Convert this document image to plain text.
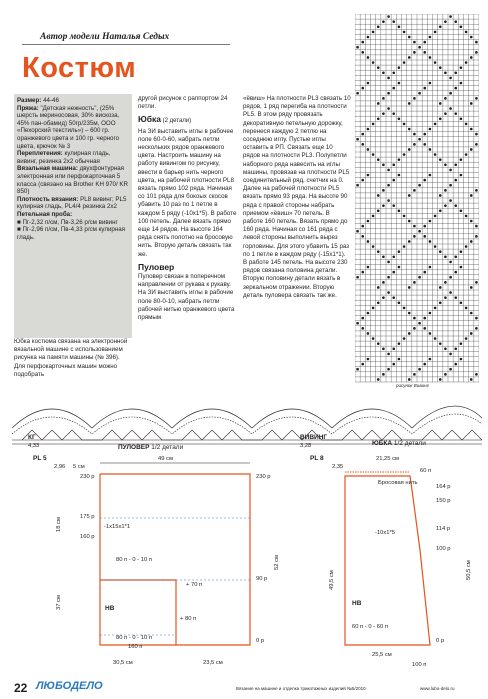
Автор модели Наталья Седых
Костюм
Размер: 44-46
Пряжа: "Детская нежность", (25% шерсть мериносовая, 30% вискоза, 45% пан-обамид) 50гр/235м, ООО «Пехорский текстиль») – 600 гр. оранжевого цвета и 100 гр. черного цвета, крючок № 3
Переплетения: кулирная гладь, вивинг, резинка 2x2 обычная
Вязальная машина: двухфонтурная электронная или перфокарточная 5 класса (связано на Brother KH 970/ KR 850)
Плотность вязания: PL8 вивинг; PL5 кулирная гладь, PL4/4 резинка 2x2
Петельная проба:
■ Пг-2,32 п/см, Пв-3,26 р/см вивинг
■ Пг-2,96 п/см, Пв-4,33 р/см кулирная гладь.
Юбка костюма связана на электронной вязальной машине с использованием рисунка на памяти машины (№ 396). Для перфокарточных машин можно подобрать
другой рисунок с раппортом 24 петли.
Юбка (2 детали)
На ЗИ выставить иглы в рабочее поле 60-0-60, набрать петли нескольких рядов оранжевого цвета. Настроить машину на работу вивингом по рисунку, ввести в барьер нить черного цвета, на рабочей плотности PL8 вязать прямо 102 ряда. Начиная со 101 ряда для бокоых скосов убавить 10 раз по 1 петле в каждом 5 ряду (-10x1*5). В работе 100 петель. Далее вязать прямо еще 14 рядов. На высоте 164 ряда снять полотно на бросовую нить. Вторую деталь связать так же.
Пуловер
Пуловер связан в поперечном направлении от рукава к рукаву. На ЗИ выставить иглы в рабочие поле 80-0-10, набрать петли рабочей нитью оранжевого цвета прямым
«ёвиш» На плотности PL3 связать 10 рядов, 1 ряд перегиба на плотности PL5. В этом ряду провязать декоративную петельную дорожку, перенеся каждую 2 петлю на соседнюю иглу. Пустые иглы оставить в PП. Связать еще 10 рядов на плотности PL3. Полупетли наборного ряда навесить на иглы машины, провязав на плотности PL5 соединительный ряд, счетчик на 0. Далее на рабочей плотности PL5 вязать прямо 93 ряда. На высоте 90 ряда с правой стороны набрать приемом «ёвиш» 70 петель. В работе 160 петель. Вязать прямо до 160 ряда. Начиная со 161 ряда с левой стороны выполнить вырез горловины. Для этого убавить 15 раз по 1 петле в каждом ряду (-15x1*1). В работе 145 петель. На высоте 230 рядов связана половина детали. Вторую половину детали вязать в зеркальном отражении. Вторую деталь пуловера связать так же.
рисунок Вивинг
КГ
4,33
PL 5
2,96
ПУЛОВЕР 1/2 детали
49 см
5 см
230 р	230 р
175 р
160 р
90 р
0 р
-1x15x1*1
80 п - 0 - 10 п
+ 70 п
+ 80 п
80 п - 0 - 10 п
160 п
НВ
30,5 см	23,5 см
37 см
18 см
52 см
ВИВИНГ
3,28
PL 8
2,35
ЮБКА 1/2 детали
21,25 см
Бросовая нить
164 р
150 р
114 р
100 р
0 р
-10x1*5
60 п - 0 - 60 п
НВ
25,5 см
100 п
60 п
49,5 см
50,5 см
22 ЛЮБОДЕЛО	Вязание на машине и отделка трикотажных изделий №5/2010	www.lubo-delo.ru
